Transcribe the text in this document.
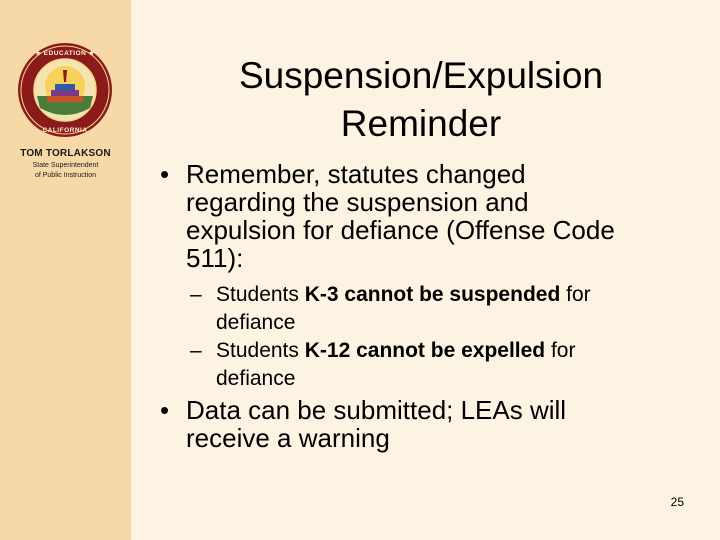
★ EDUCATION ★
CALIFORNIA
TOM TORLAKSON
State Superintendent
of Public Instruction
Suspension/Expulsion
Reminder
• Remember, statutes changed
regarding the suspension and
expulsion for defiance (Offense Code
511):
– Students K-3 cannot be suspended for
defiance
– Students K-12 cannot be expelled for
defiance
• Data can be submitted; LEAs will
receive a warning
25
